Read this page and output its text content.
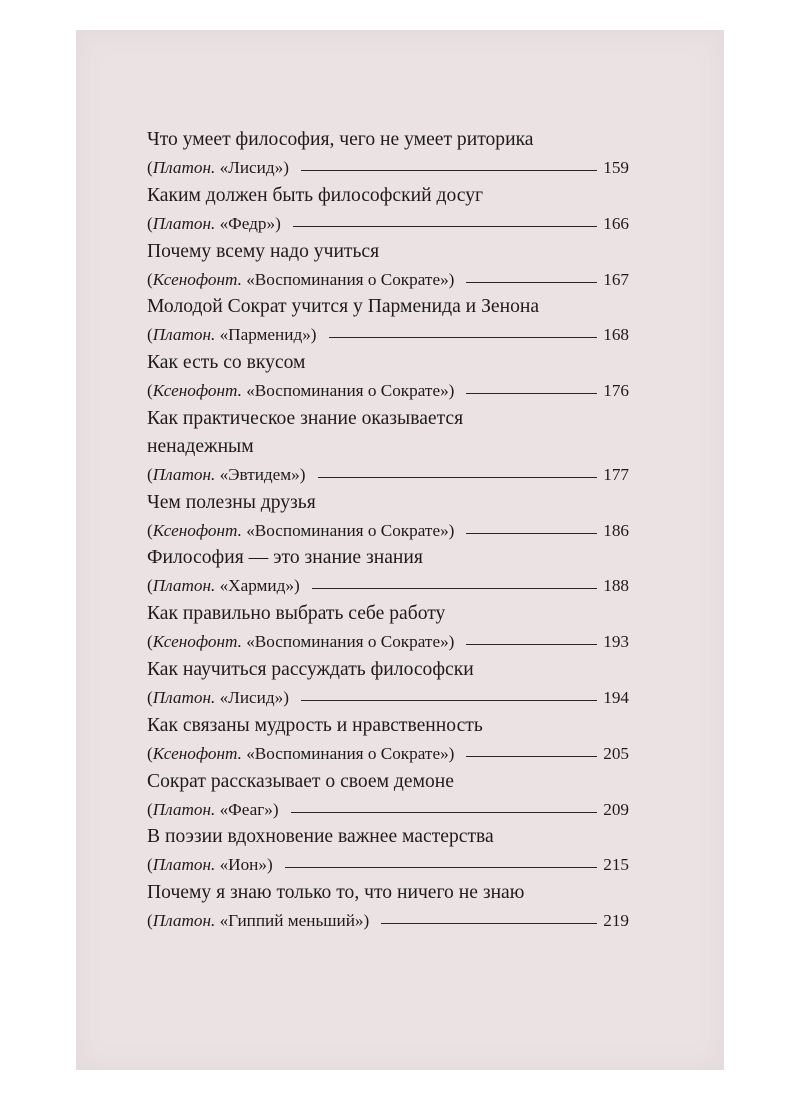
Что умеет философия, чего не умеет риторика
( Платон.
«Лисид» )	159
Каким должен быть философский досуг
( Платон.
«Федр» )	166
Почему всему надо учиться
( Ксенофонт.
«Воспоминания о Сократе» )	167
Молодой Сократ учится у Парменида и Зенона
( Платон.
«Парменид» )	168
Как есть со вкусом
( Ксенофонт.
«Воспоминания о Сократе» )	176
Как практическое знание оказывается
ненадежным
( Платон.
«Эвтидем» )	177
Чем полезны друзья
( Ксенофонт.
«Воспоминания о Сократе» )	186
Философия — это знание знания
( Платон.
«Хармид» )	188
Как правильно выбрать себе работу
( Ксенофонт.
«Воспоминания о Сократе» )	193
Как научиться рассуждать философски
( Платон.
«Лисид» )	194
Как связаны мудрость и нравственность
( Ксенофонт.
«Воспоминания о Сократе» )	205
Сократ рассказывает о своем демоне
( Платон.
«Феаг» )	209
В поэзии вдохновение важнее мастерства
( Платон.
«Ион» )	215
Почему я знаю только то, что ничего не знаю
( Платон.
«Гиппий меньший» )	219
